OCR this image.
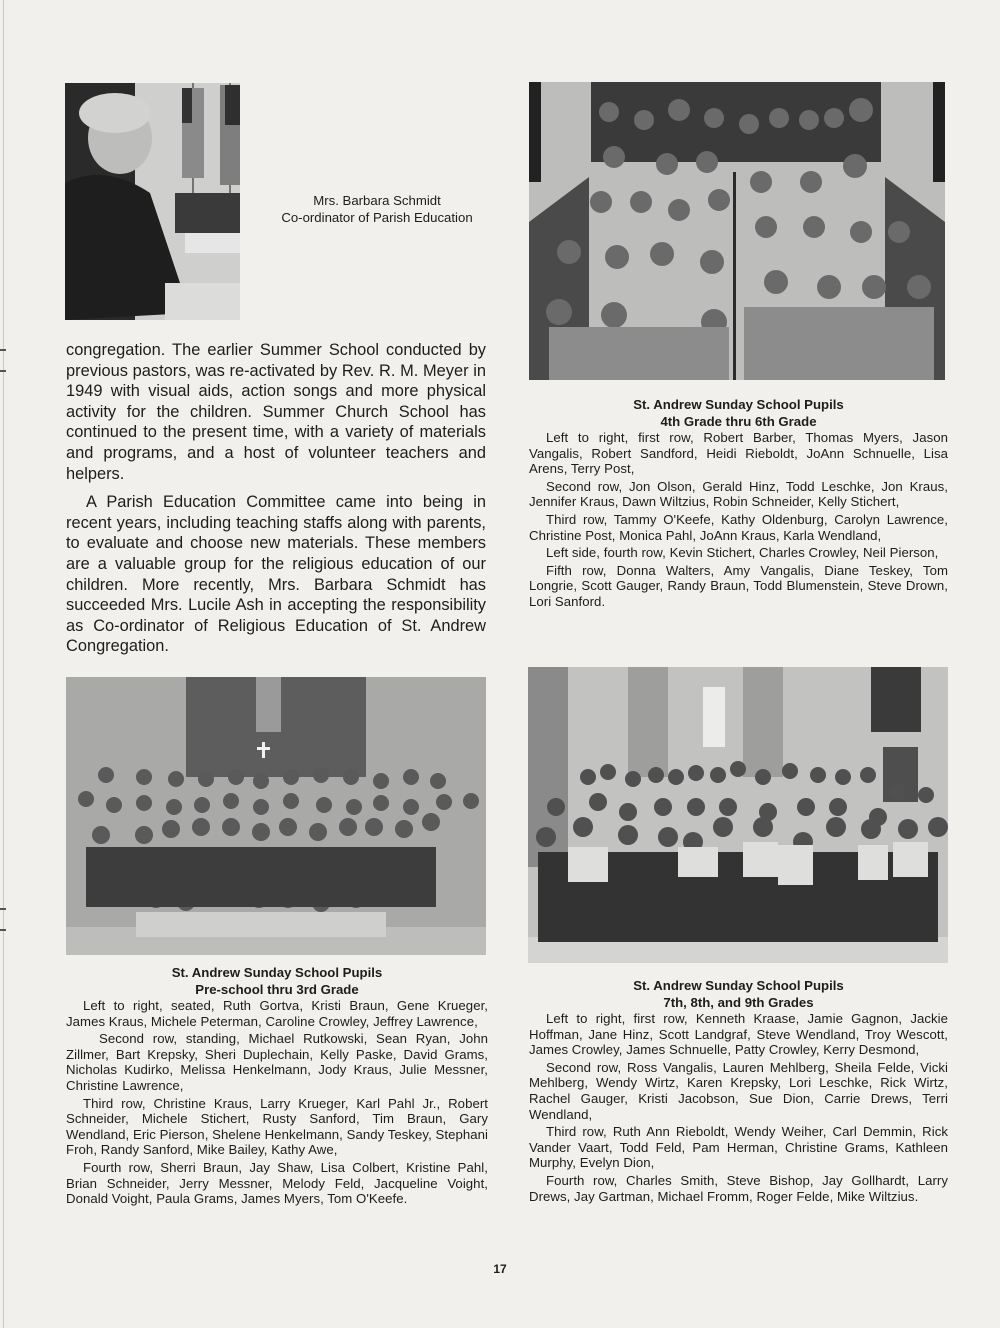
Mrs. Barbara Schmidt
Co-ordinator of Parish Education

congregation. The earlier Summer School conducted by previous pastors, was re-activated by Rev. R. M. Meyer in 1949 with visual aids, action songs and more physical activity for the children. Summer Church School has continued to the present time, with a variety of materials and programs, and a host of volunteer teachers and helpers.

A Parish Education Committee came into being in recent years, including teaching staffs along with parents, to evaluate and choose new materials. These members are a valuable group for the religious education of our children. More recently, Mrs. Barbara Schmidt has succeeded Mrs. Lucile Ash in accepting the responsibility as Co-ordinator of Religious Education of St. Andrew Congregation.

St. Andrew Sunday School Pupils
4th Grade thru 6th Grade

Left to right, first row, Robert Barber, Thomas Myers, Jason Vangalis, Robert Sandford, Heidi Rieboldt, JoAnn Schnuelle, Lisa Arens, Terry Post,

Second row, Jon Olson, Gerald Hinz, Todd Leschke, Jon Kraus, Jennifer Kraus, Dawn Wiltzius, Robin Schneider, Kelly Stichert,

Third row, Tammy O'Keefe, Kathy Oldenburg, Carolyn Lawrence, Christine Post, Monica Pahl, JoAnn Kraus, Karla Wendland,

Left side, fourth row, Kevin Stichert, Charles Crowley, Neil Pierson,

Fifth row, Donna Walters, Amy Vangalis, Diane Teskey, Tom Longrie, Scott Gauger, Randy Braun, Todd Blumenstein, Steve Drown, Lori Sanford.

St. Andrew Sunday School Pupils
Pre-school thru 3rd Grade

Left to right, seated, Ruth Gortva, Kristi Braun, Gene Krueger, James Kraus, Michele Peterman, Caroline Crowley, Jeffrey Lawrence,

Second row, standing, Michael Rutkowski, Sean Ryan, John Zillmer, Bart Krepsky, Sheri Duplechain, Kelly Paske, David Grams, Nicholas Kudirko, Melissa Henkelmann, Jody Kraus, Julie Messner, Christine Lawrence,

Third row, Christine Kraus, Larry Krueger, Karl Pahl Jr., Robert Schneider, Michele Stichert, Rusty Sanford, Tim Braun, Gary Wendland, Eric Pierson, Shelene Henkelmann, Sandy Teskey, Stephani Froh, Randy Sanford, Mike Bailey, Kathy Awe,

Fourth row, Sherri Braun, Jay Shaw, Lisa Colbert, Kristine Pahl, Brian Schneider, Jerry Messner, Melody Feld, Jacqueline Voight, Donald Voight, Paula Grams, James Myers, Tom O'Keefe.

St. Andrew Sunday School Pupils
7th, 8th, and 9th Grades

Left to right, first row, Kenneth Kraase, Jamie Gagnon, Jackie Hoffman, Jane Hinz, Scott Landgraf, Steve Wendland, Troy Wescott, James Crowley, James Schnuelle, Patty Crowley, Kerry Desmond,

Second row, Ross Vangalis, Lauren Mehlberg, Sheila Felde, Vicki Mehlberg, Wendy Wirtz, Karen Krepsky, Lori Leschke, Rick Wirtz, Rachel Gauger, Kristi Jacobson, Sue Dion, Carrie Drews, Terri Wendland,

Third row, Ruth Ann Rieboldt, Wendy Weiher, Carl Demmin, Rick Vander Vaart, Todd Feld, Pam Herman, Christine Grams, Kathleen Murphy, Evelyn Dion,

Fourth row, Charles Smith, Steve Bishop, Jay Gollhardt, Larry Drews, Jay Gartman, Michael Fromm, Roger Felde, Mike Wiltzius.

17
